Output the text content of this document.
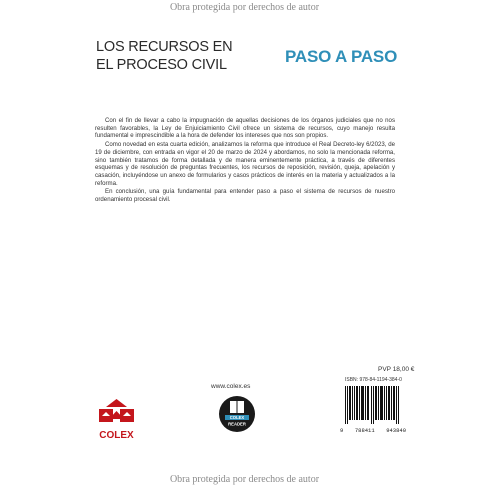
Obra protegida por derechos de autor
LOS RECURSOS EN
EL PROCESO CIVIL	PASO A PASO

Con el fin de llevar a cabo la impugnación de aquellas decisiones de los órganos judiciales que no nos resulten favorables, la Ley de Enjuiciamiento Civil ofrece un sistema de recursos, cuyo manejo resulta fundamental e imprescindible a la hora de defender los intereses que nos son propios.

Como novedad en esta cuarta edición, analizamos la reforma que introduce el Real Decreto-ley 6/2023, de 19 de diciembre, con entrada en vigor el 20 de marzo de 2024 y abordamos, no solo la mencionada reforma, sino también tratamos de forma detallada y de manera eminentemente práctica, a través de diferentes esquemas y de resolución de preguntas frecuentes, los recursos de reposición, revisión, queja, apelación y casación, incluyéndose un anexo de formularios y casos prácticos de interés en la materia y actualizados a la reforma.

En conclusión, una guía fundamental para entender paso a paso el sistema de recursos de nuestro ordenamiento procesal civil.

www.colex.es
PVP 18,00 €
ISBN: 978-84-1194-384-0
9 788411 943840
COLEX
COLEX
READER
Obra protegida por derechos de autor
